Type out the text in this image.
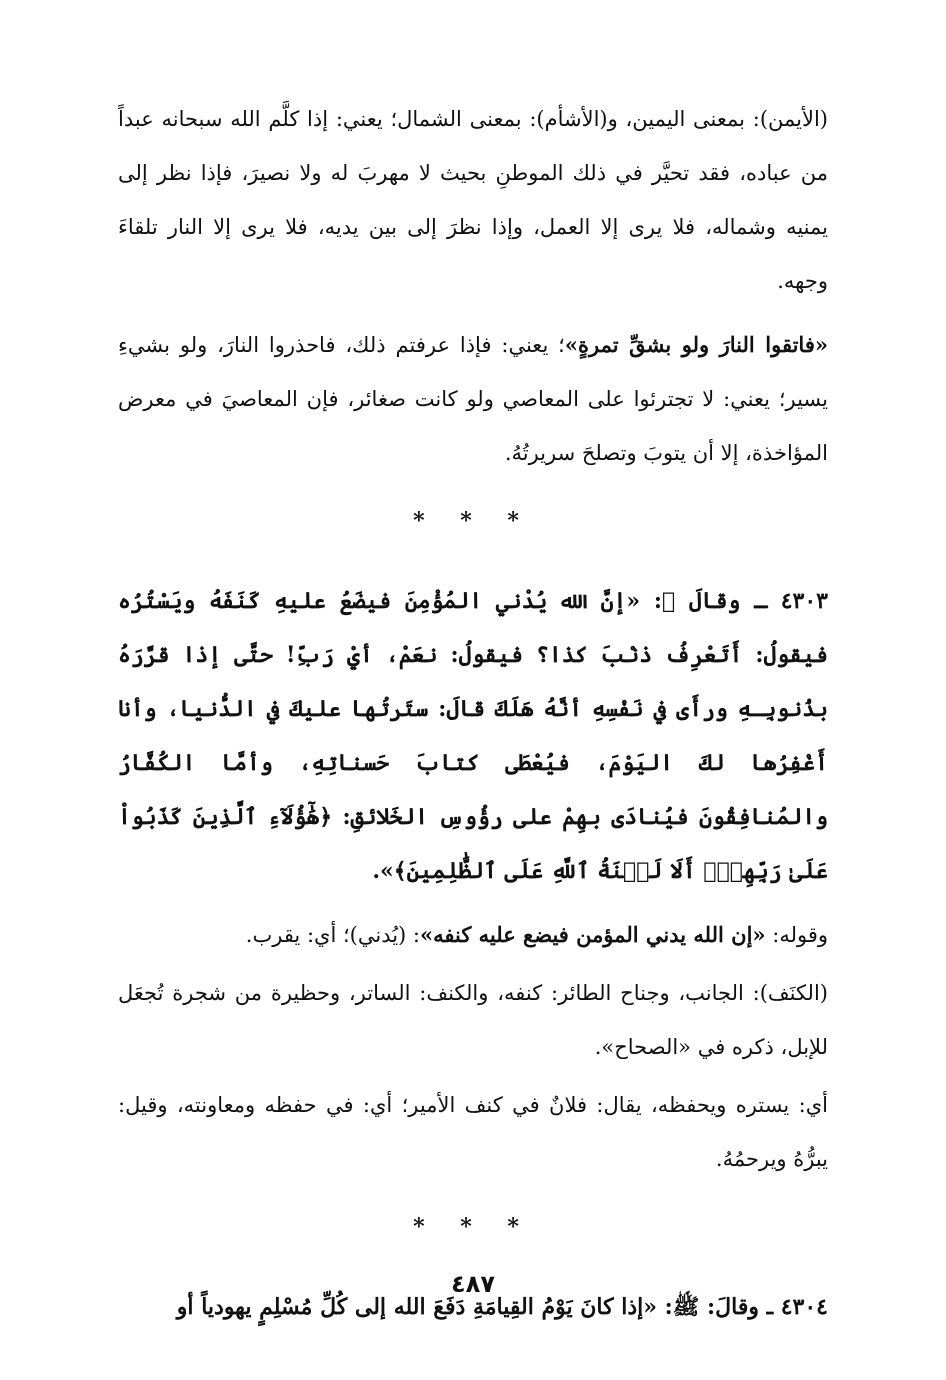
(الأيمن): بمعنى اليمين، و(الأشأم): بمعنى الشمال؛ يعني: إذا كلَّم الله سبحانه عبداً من عباده، فقد تحيَّر في ذلك الموطنِ بحيث لا مهربَ له ولا نصيرَ، فإذا نظر إلى يمنيه وشماله، فلا يرى إلا العمل، وإذا نظرَ إلى بين يديه، فلا يرى إلا النار تلقاءَ وجهه.

«فاتقوا النارَ ولو بشقِّ تمرةٍ»؛ يعني: فإذا عرفتم ذلك، فاحذروا النارَ، ولو بشيءِ يسير؛ يعني: لا تجترئوا على المعاصي ولو كانت صغائر، فإن المعاصيَ في معرض المؤاخذة، إلا أن يتوبَ وتصلحَ سريرتُهُ.

* * *

٤٣٠٣ ـ وقالَ ﷺ: «إنَّ الله يُدْني المُؤْمِنَ فيضَعُ عليهِ كَنَفَهُ ويَسْتُرُه فيقولُ: أَتَعْرِفُ ذنْبَ كذا؟ فيقولُ: نعَمْ، أيْ رَبِّ! حتَّى إذا قرَّرَهُ بذُنوبِـهِ ورأَى في نَفْسِهِ أنَّهُ هَلَكَ قالَ: ستَرتُها عليكَ في الدُّنيا، وأنا أَغْفِرُها لكَ اليَوْمَ، فيُعْطَى كتابَ حَسناتِهِ، وأمَّا الكُفَّارُ والمُنافِقُونَ فيُنادَى بهِمْ على رؤُوسِ الخَلائقِ: ﴿هَٰٓؤُلَآءِ ٱلَّذِينَ كَذَبُواْ عَلَىٰ رَبِّهِمۡۚ أَلَا لَعۡنَةُ ٱللَّهِ عَلَى ٱلظَّٰلِمِينَ﴾».

وقوله: «إن الله يدني المؤمن فيضع عليه كنفه»: (يُدني)؛ أي: يقرب.

(الكنَف): الجانب، وجناح الطائر: كنفه، والكنف: الساتر، وحظيرة من شجرة تُجعَل للإبل، ذكره في «الصحاح».

أي: يستره ويحفظه، يقال: فلانٌ في كنف الأمير؛ أي: في حفظه ومعاونته، وقيل: يبرُّهُ ويرحمُهُ.

* * *

٤٣٠٤ ـ وقالَ: ﷺ: «إذا كانَ يَوْمُ القِيامَةِ دَفَعَ الله إلى كُلِّ مُسْلِمٍ يهودياً أو

٤٨٧
